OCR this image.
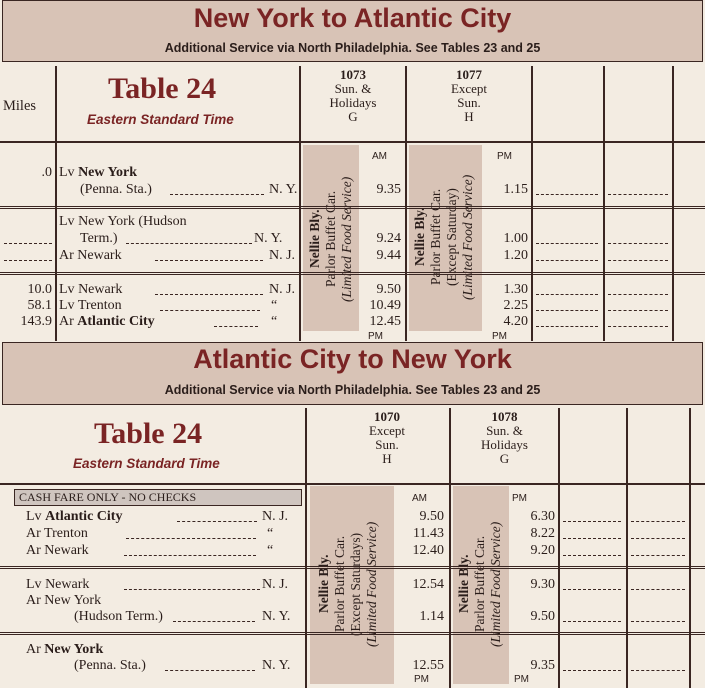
New York to Atlantic City
Additional Service via North Philadelphia. See Tables 23 and 25
Nellie Bly.
Parlor Buffet Car.
(Limited Food Service)	Nellie Bly.
Parlor Buffet Car.
(Except Saturday)
(Limited Food Service)
Miles
Table 24
Eastern Standard Time
1073
Sun. &
Holidays
G
1077
Except
Sun.
H
AM	PM
.0 Lv New York
(Penna. Sta.)	N. Y.	9.35	1.15
Lv New York (Hudson
Term.)	N. Y.	9.24	1.00
Ar Newark	N. J.	9.44	1.20
10.0 Lv Newark	N. J.	9.50	1.30
58.1 Lv Trenton	“	10.49	2.25
143.9 Ar Atlantic City	“	12.45	4.20
PM	PM
Atlantic City to New York
Additional Service via North Philadelphia. See Tables 23 and 25
Table 24
Eastern Standard Time
1070
Except
Sun.
H
1078
Sun. &
Holidays
G
Nellie Bly.
Parlor Buffet Car.
(Except Saturdays)
(Limited Food Service)	Nellie Bly.
Parlor Buffet Car.
(Limited Food Service)
CASH FARE ONLY - NO CHECKS	AM	PM
Lv Atlantic City	N. J.	9.50	6.30
Ar Trenton	“	11.43	8.22
Ar Newark	“	12.40	9.20
Lv Newark	N. J.	12.54	9.30
Ar New York
(Hudson Term.)	N. Y.	1.14	9.50
Ar New York
(Penna. Sta.)	N. Y.	12.55	9.35
PM	PM
